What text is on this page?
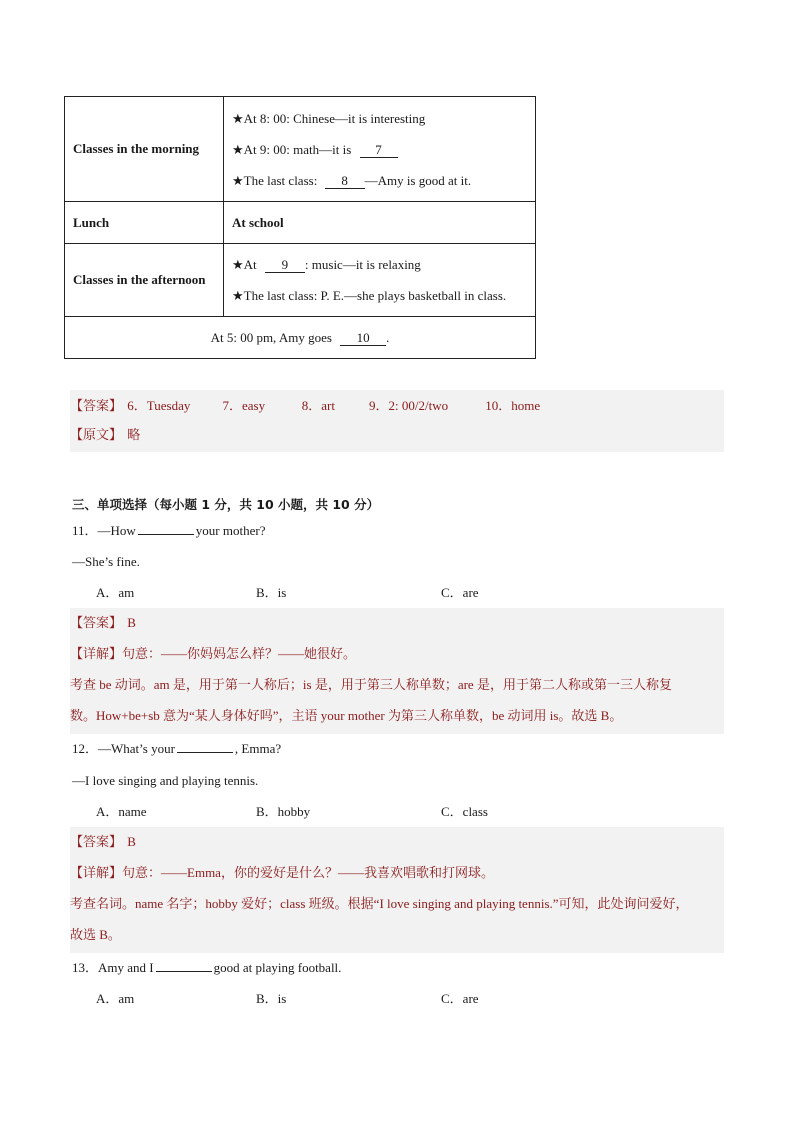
Classes in the morning	★At 8: 00: Chinese—it is interesting
★At 9: 00: math—it is 7
★The last class: 8 —Amy is good at it.

Lunch	At school
Classes in the afternoon	★At 9 : music—it is relaxing
★The last class: P. E.—she plays basketball in class.

At 5: 00 pm, Amy goes 10 .	
【答案】 6．Tuesday 7．easy	8．art	9．2: 00/2/two	10．home
【原文】 略
三、单项选择（每小题 1 分，共 10 小题，共 10 分）
11．—How	your mother?
—She’s fine.
A．am	B．is	C．are
【答案】 B
【详解】句意：——你妈妈怎么样？——她很好。
考查 be 动词。am 是，用于第一人称后；is 是，用于第三人称单数；are 是，用于第二人称或第一三人称复
数。How+be+sb 意为“某人身体好吗”，主语 your mother 为第三人称单数，be 动词用 is。故选 B。
12．—What’s your	, Emma?
—I love singing and playing tennis.
A．name	B．hobby	C．class
【答案】 B
【详解】句意：——Emma，你的爱好是什么？——我喜欢唱歌和打网球。
考查名词。name 名字；hobby 爱好；class 班级。根据“I love singing and playing tennis.”可知，此处询问爱好，
故选 B。
13．Amy and I	good at playing football.
A．am	B．is	C．are
